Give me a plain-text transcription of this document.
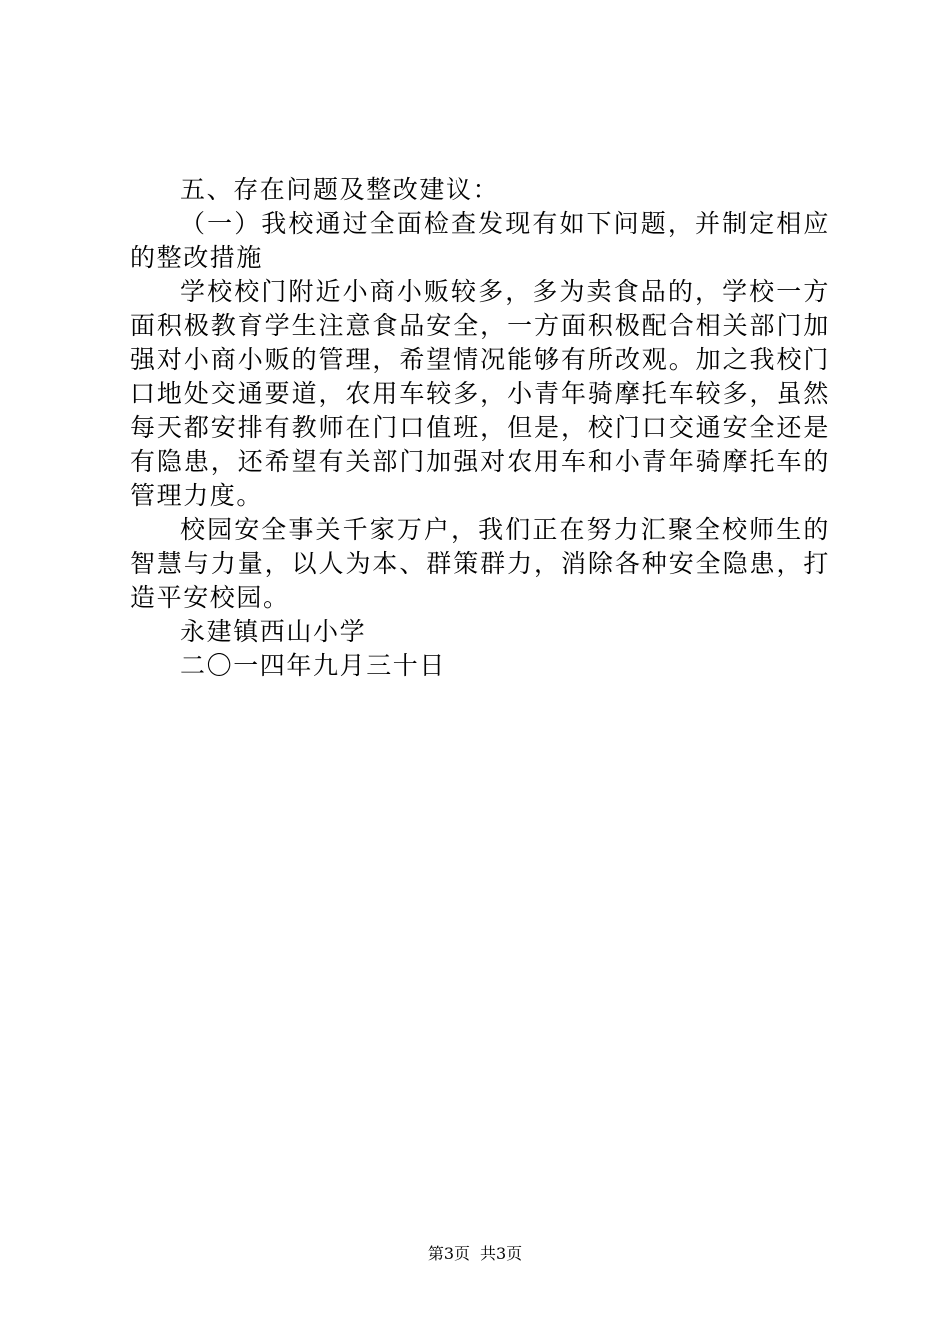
五、存在问题及整改建议：

（一）我校通过全面检查发现有如下问题，并制定相应的整改措施

学校校门附近小商小贩较多，多为卖食品的，学校一方面积极教育学生注意食品安全，一方面积极配合相关部门加强对小商小贩的管理，希望情况能够有所改观。加之我校门口地处交通要道，农用车较多，小青年骑摩托车较多，虽然每天都安排有教师在门口值班，但是，校门口交通安全还是有隐患，还希望有关部门加强对农用车和小青年骑摩托车的管理力度。

校园安全事关千家万户，我们正在努力汇聚全校师生的智慧与力量，以人为本、群策群力，消除各种安全隐患，打造平安校园。

永建镇西山小学

二〇一四年九月三十日

第3页 共3页
